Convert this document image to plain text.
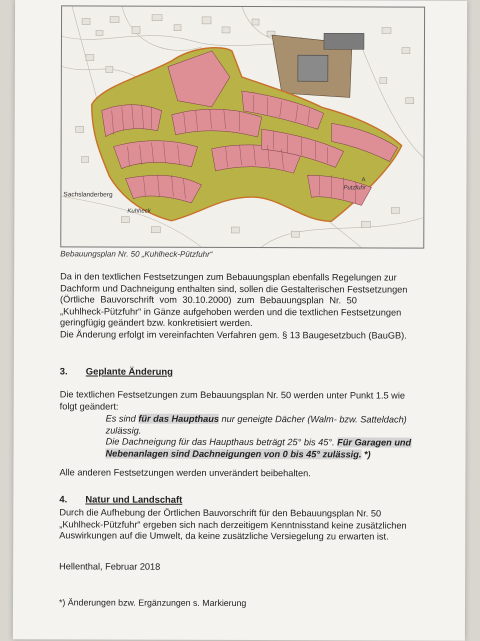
Sachslanderberg
Kuhheck
Putzfuhr
A
Bebauungsplan Nr. 50 „Kuhlheck-Pützfuhr“
Da in den textlichen Festsetzungen zum Bebauungsplan ebenfalls Regelungen zur
Dachform und Dachneigung enthalten sind, sollen die Gestalterischen Festsetzungen
(Örtliche Bauvorschrift vom 30.10.2000) zum Bebauungsplan Nr. 50
„Kuhlheck-Pützfuhr“ in Gänze aufgehoben werden und die textlichen Festsetzungen
geringfügig geändert bzw. konkretisiert werden.
Die Änderung erfolgt im vereinfachten Verfahren gem. § 13 Baugesetzbuch (BauGB).
3. Geplante Änderung
Die textlichen Festsetzungen zum Bebauungsplan Nr. 50 werden unter Punkt 1.5 wie
folgt geändert:
Es sind für das Haupthaus nur geneigte Dächer (Walm- bzw. Satteldach)
zulässig.
Die Dachneigung für das Haupthaus beträgt 25° bis 45°. Für Garagen und
Nebenanlagen sind Dachneigungen von 0 bis 45° zulässig. *)
Alle anderen Festsetzungen werden unverändert beibehalten.
4. Natur und Landschaft
Durch die Aufhebung der Örtlichen Bauvorschrift für den Bebauungsplan Nr. 50
„Kuhlheck-Pützfuhr“ ergeben sich nach derzeitigem Kenntnisstand keine zusätzlichen
Auswirkungen auf die Umwelt, da keine zusätzliche Versiegelung zu erwarten ist.
Hellenthal, Februar 2018
*) Änderungen bzw. Ergänzungen s. Markierung
